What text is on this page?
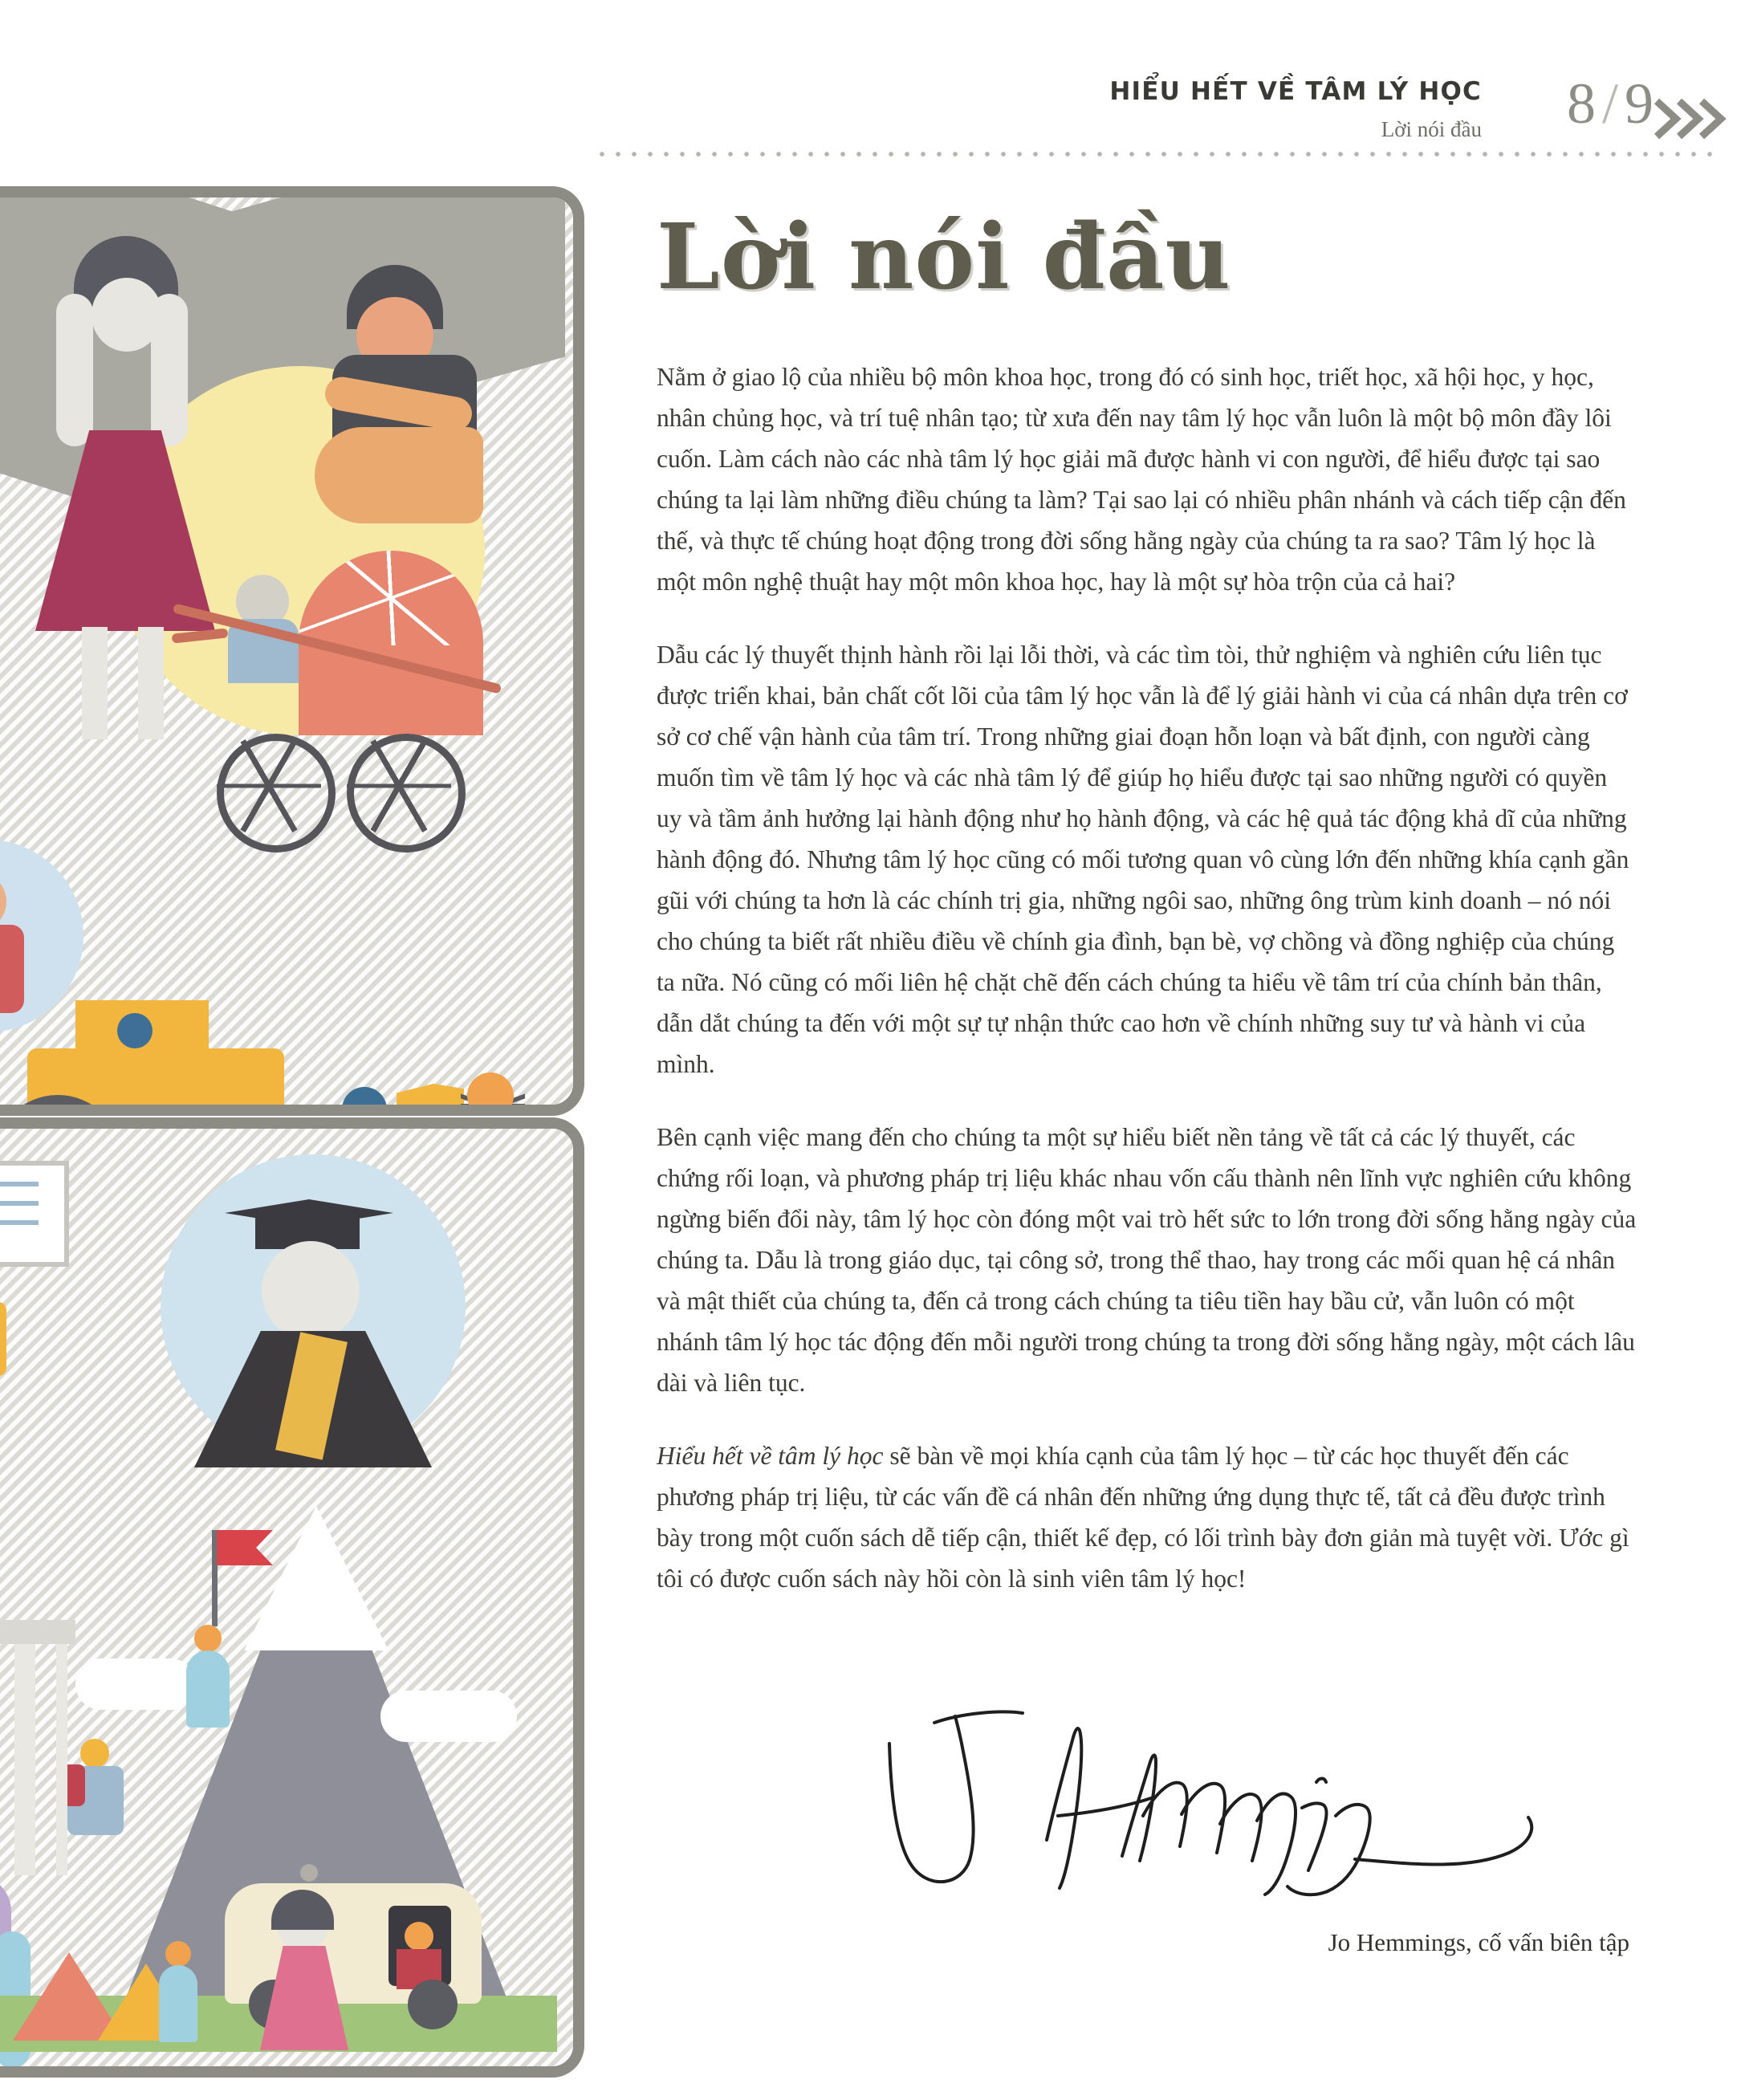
HIỂU HẾT VỀ TÂM LÝ HỌC
Lời nói đầu 8/9
Lời nói đầu

Nằm ở giao lộ của nhiều bộ môn khoa học, trong đó có sinh học, triết học, xã hội học, y học, nhân chủng học, và trí tuệ nhân tạo; từ xưa đến nay tâm lý học vẫn luôn là một bộ môn đầy lôi cuốn. Làm cách nào các nhà tâm lý học giải mã được hành vi con người, để hiểu được tại sao chúng ta lại làm những điều chúng ta làm? Tại sao lại có nhiều phân nhánh và cách tiếp cận đến thế, và thực tế chúng hoạt động trong đời sống hằng ngày của chúng ta ra sao? Tâm lý học là một môn nghệ thuật hay một môn khoa học, hay là một sự hòa trộn của cả hai?

Dẫu các lý thuyết thịnh hành rồi lại lỗi thời, và các tìm tòi, thử nghiệm và nghiên cứu liên tục được triển khai, bản chất cốt lõi của tâm lý học vẫn là để lý giải hành vi của cá nhân dựa trên cơ sở cơ chế vận hành của tâm trí. Trong những giai đoạn hỗn loạn và bất định, con người càng muốn tìm về tâm lý học và các nhà tâm lý để giúp họ hiểu được tại sao những người có quyền uy và tầm ảnh hưởng lại hành động như họ hành động, và các hệ quả tác động khả dĩ của những hành động đó. Nhưng tâm lý học cũng có mối tương quan vô cùng lớn đến những khía cạnh gần gũi với chúng ta hơn là các chính trị gia, những ngôi sao, những ông trùm kinh doanh – nó nói cho chúng ta biết rất nhiều điều về chính gia đình, bạn bè, vợ chồng và đồng nghiệp của chúng ta nữa. Nó cũng có mối liên hệ chặt chẽ đến cách chúng ta hiểu về tâm trí của chính bản thân, dẫn dắt chúng ta đến với một sự tự nhận thức cao hơn về chính những suy tư và hành vi của mình.

Bên cạnh việc mang đến cho chúng ta một sự hiểu biết nền tảng về tất cả các lý thuyết, các chứng rối loạn, và phương pháp trị liệu khác nhau vốn cấu thành nên lĩnh vực nghiên cứu không ngừng biến đổi này, tâm lý học còn đóng một vai trò hết sức to lớn trong đời sống hằng ngày của chúng ta. Dẫu là trong giáo dục, tại công sở, trong thể thao, hay trong các mối quan hệ cá nhân và mật thiết của chúng ta, đến cả trong cách chúng ta tiêu tiền hay bầu cử, vẫn luôn có một nhánh tâm lý học tác động đến mỗi người trong chúng ta trong đời sống hằng ngày, một cách lâu dài và liên tục.

Hiểu hết về tâm lý học sẽ bàn về mọi khía cạnh của tâm lý học – từ các học thuyết đến các phương pháp trị liệu, từ các vấn đề cá nhân đến những ứng dụng thực tế, tất cả đều được trình bày trong một cuốn sách dễ tiếp cận, thiết kế đẹp, có lối trình bày đơn giản mà tuyệt vời. Ước gì tôi có được cuốn sách này hồi còn là sinh viên tâm lý học!

Jo Hemmings, cố vấn biên tập
